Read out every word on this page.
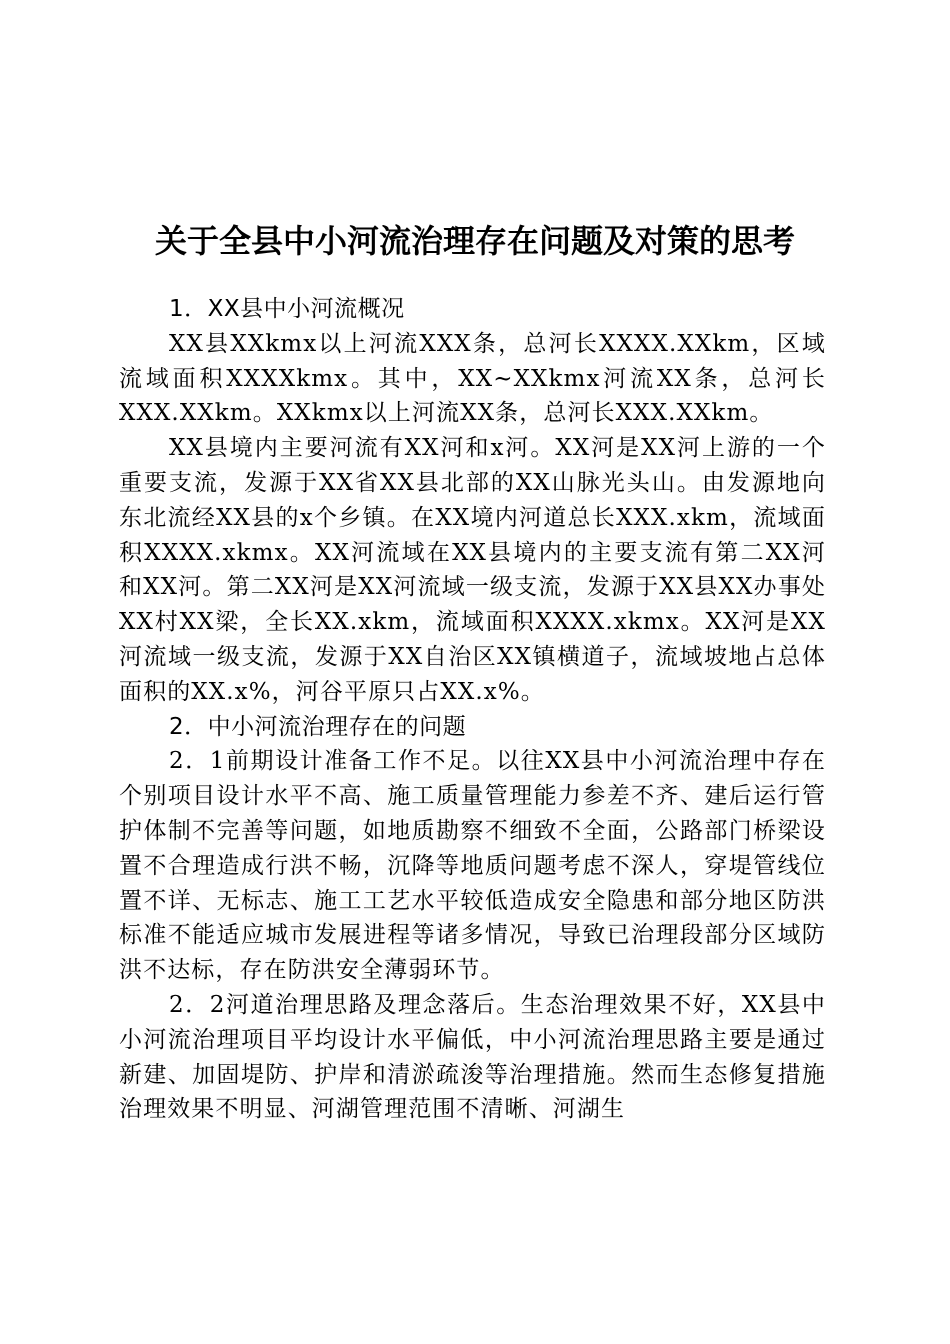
关于全县中小河流治理存在问题及对策的思考

1．XX县中小河流概况

XX县XXkmx以上河流XXX条，总河长XXXX.XXkm，区域流域面积XXXXkmx。其中，XX~XXkmx河流XX条，总河长XXX.XXkm。XXkmx以上河流XX条，总河长XXX.XXkm。

XX县境内主要河流有XX河和x河。XX河是XX河上游的一个重要支流，发源于XX省XX县北部的XX山脉光头山。由发源地向东北流经XX县的x个乡镇。在XX境内河道总长XXX.xkm，流域面积XXXX.xkmx。XX河流域在XX县境内的主要支流有第二XX河和XX河。第二XX河是XX河流域一级支流，发源于XX县XX办事处XX村XX梁，全长XX.xkm，流域面积XXXX.xkmx。XX河是XX河流域一级支流，发源于XX自治区XX镇横道子，流域坡地占总体面积的XX.x%，河谷平原只占XX.x%。

2．中小河流治理存在的问题

2．1前期设计准备工作不足。以往XX县中小河流治理中存在个别项目设计水平不高、施工质量管理能力参差不齐、建后运行管护体制不完善等问题，如地质勘察不细致不全面，公路部门桥梁设置不合理造成行洪不畅，沉降等地质问题考虑不深人，穿堤管线位置不详、无标志、施工工艺水平较低造成安全隐患和部分地区防洪标准不能适应城市发展进程等诸多情况，导致已治理段部分区域防洪不达标，存在防洪安全薄弱环节。

2．2河道治理思路及理念落后。生态治理效果不好，XX县中小河流治理项目平均设计水平偏低，中小河流治理思路主要是通过新建、加固堤防、护岸和清淤疏浚等治理措施。然而生态修复措施治理效果不明显、河湖管理范围不清晰、河湖生
